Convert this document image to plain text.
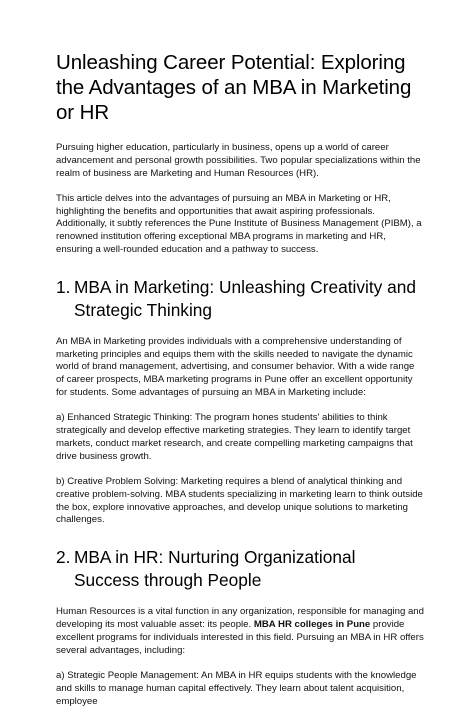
Unleashing Career Potential: Exploring the Advantages of an MBA in Marketing or HR

Pursuing higher education, particularly in business, opens up a world of career advancement and personal growth possibilities. Two popular specializations within the realm of business are Marketing and Human Resources (HR).

This article delves into the advantages of pursuing an MBA in Marketing or HR, highlighting the benefits and opportunities that await aspiring professionals. Additionally, it subtly references the Pune Institute of Business Management (PIBM), a renowned institution offering exceptional MBA programs in marketing and HR, ensuring a well-rounded education and a pathway to success.

1. MBA in Marketing: Unleashing Creativity and Strategic Thinking

An MBA in Marketing provides individuals with a comprehensive understanding of marketing principles and equips them with the skills needed to navigate the dynamic world of brand management, advertising, and consumer behavior. With a wide range of career prospects, MBA marketing programs in Pune offer an excellent opportunity for students. Some advantages of pursuing an MBA in Marketing include:

a) Enhanced Strategic Thinking: The program hones students' abilities to think strategically and develop effective marketing strategies. They learn to identify target markets, conduct market research, and create compelling marketing campaigns that drive business growth.

b) Creative Problem Solving: Marketing requires a blend of analytical thinking and creative problem-solving. MBA students specializing in marketing learn to think outside the box, explore innovative approaches, and develop unique solutions to marketing challenges.

2. MBA in HR: Nurturing Organizational Success through People

Human Resources is a vital function in any organization, responsible for managing and developing its most valuable asset: its people. MBA HR colleges in Pune provide excellent programs for individuals interested in this field. Pursuing an MBA in HR offers several advantages, including:

a) Strategic People Management: An MBA in HR equips students with the knowledge and skills to manage human capital effectively. They learn about talent acquisition, employee
